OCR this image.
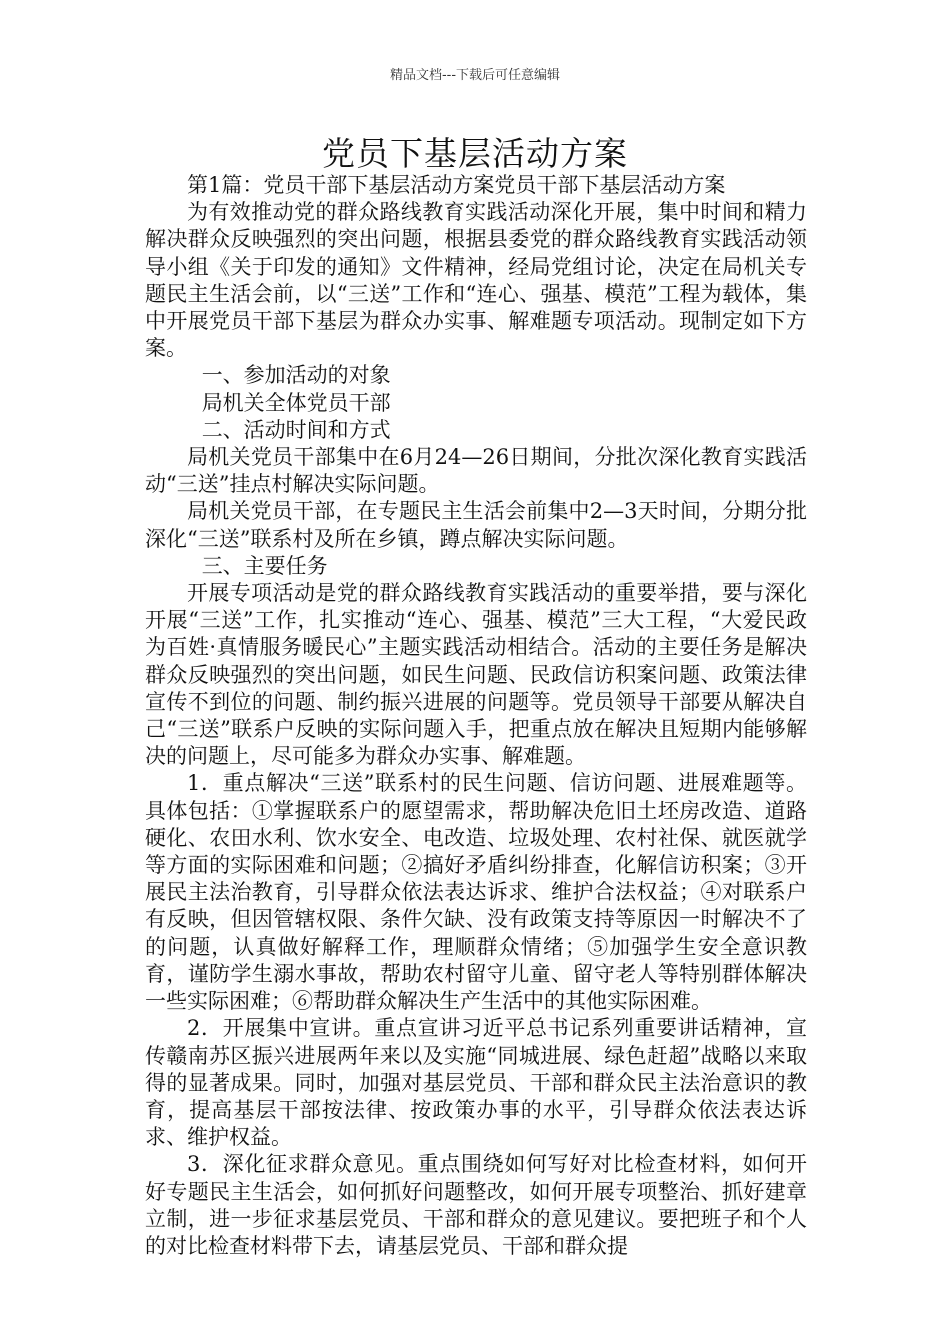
精品文档---下载后可任意编辑
党员下基层活动方案

第1篇：党员干部下基层活动方案党员干部下基层活动方案

为有效推动党的群众路线教育实践活动深化开展，集中时间和精力解决群众反映强烈的突出问题，根据县委党的群众路线教育实践活动领导小组《关于印发的通知》文件精神，经局党组讨论，决定在局机关专题民主生活会前，以“三送”工作和“连心、强基、模范”工程为载体，集中开展党员干部下基层为群众办实事、解难题专项活动。现制定如下方案。

一、参加活动的对象

局机关全体党员干部

二、活动时间和方式

局机关党员干部集中在6月24—26日期间，分批次深化教育实践活动“三送”挂点村解决实际问题。

局机关党员干部，在专题民主生活会前集中2—3天时间，分期分批深化“三送”联系村及所在乡镇，蹲点解决实际问题。

三、主要任务

开展专项活动是党的群众路线教育实践活动的重要举措，要与深化开展“三送”工作，扎实推动“连心、强基、模范”三大工程，“大爱民政为百姓·真情服务暖民心”主题实践活动相结合。活动的主要任务是解决群众反映强烈的突出问题，如民生问题、民政信访积案问题、政策法律宣传不到位的问题、制约振兴进展的问题等。党员领导干部要从解决自己“三送”联系户反映的实际问题入手，把重点放在解决且短期内能够解决的问题上，尽可能多为群众办实事、解难题。

1．重点解决“三送”联系村的民生问题、信访问题、进展难题等。具体包括：①掌握联系户的愿望需求，帮助解决危旧土坯房改造、道路硬化、农田水利、饮水安全、电改造、垃圾处理、农村社保、就医就学等方面的实际困难和问题；②搞好矛盾纠纷排查，化解信访积案；③开展民主法治教育，引导群众依法表达诉求、维护合法权益；④对联系户有反映，但因管辖权限、条件欠缺、没有政策支持等原因一时解决不了的问题，认真做好解释工作，理顺群众情绪；⑤加强学生安全意识教育，谨防学生溺水事故，帮助农村留守儿童、留守老人等特别群体解决一些实际困难；⑥帮助群众解决生产生活中的其他实际困难。

2．开展集中宣讲。重点宣讲习近平总书记系列重要讲话精神，宣传赣南苏区振兴进展两年来以及实施“同城进展、绿色赶超”战略以来取得的显著成果。同时，加强对基层党员、干部和群众民主法治意识的教育，提高基层干部按法律、按政策办事的水平，引导群众依法表达诉求、维护权益。

3．深化征求群众意见。重点围绕如何写好对比检查材料，如何开好专题民主生活会，如何抓好问题整改，如何开展专项整治、抓好建章立制，进一步征求基层党员、干部和群众的意见建议。要把班子和个人的对比检查材料带下去，请基层党员、干部和群众提
